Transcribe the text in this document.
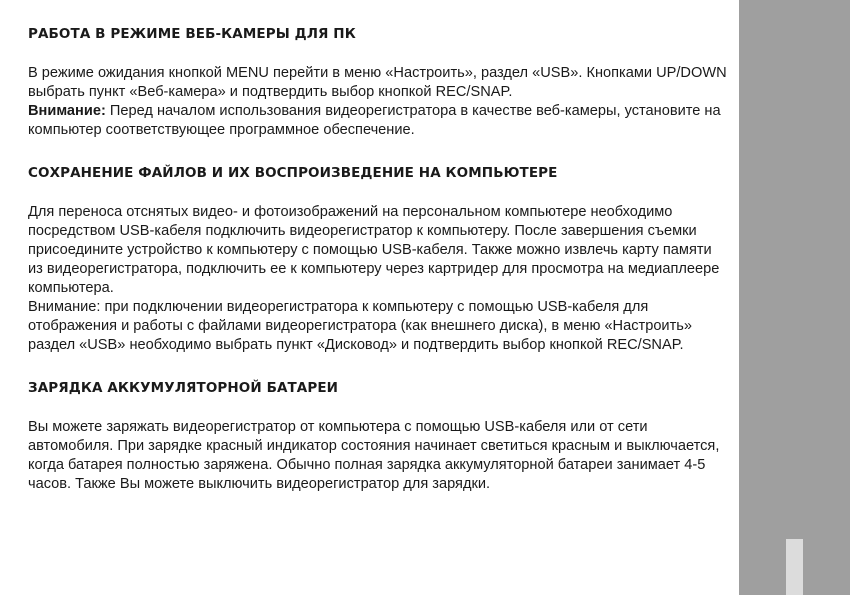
РАБОТА В РЕЖИМЕ ВЕБ-КАМЕРЫ ДЛЯ ПК

В режиме ожидания кнопкой MENU перейти в меню «Настроить», раздел «USB». Кнопками UP/DOWN выбрать пункт «Веб-камера» и подтвердить выбор кнопкой REC/SNAP.

Внимание: Перед началом использования видеорегистратора в качестве веб-камеры, установите на компьютер соответствующее программное обеспечение.

СОХРАНЕНИЕ ФАЙЛОВ И ИХ ВОСПРОИЗВЕДЕНИЕ НА КОМПЬЮТЕРЕ

Для переноса отснятых видео- и фотоизображений на персональном компьютере необходимо посредством USB-кабеля подключить видеорегистратор к компьютеру. После завершения съемки присоедините устройство к компьютеру с помощью USB-кабеля. Также можно извлечь карту памяти из видеорегистратора, подключить ее к компьютеру через картридер для просмотра на медиаплеере компьютера.

Внимание: при подключении видеорегистратора к компьютеру с помощью USB-кабеля для отображения и работы с файлами видеорегистратора (как внешнего диска), в меню «Настроить» раздел «USB» необходимо выбрать пункт «Дисковод» и подтвердить выбор кнопкой REC/SNAP.

ЗАРЯДКА АККУМУЛЯТОРНОЙ БАТАРЕИ

Вы можете заряжать видеорегистратор от компьютера с помощью USB-кабеля или от сети автомобиля. При зарядке красный индикатор состояния начинает светиться красным и выключается, когда батарея полностью заряжена. Обычно полная зарядка аккумуляторной батареи занимает 4-5 часов. Также Вы можете выключить видеорегистратор для зарядки.
